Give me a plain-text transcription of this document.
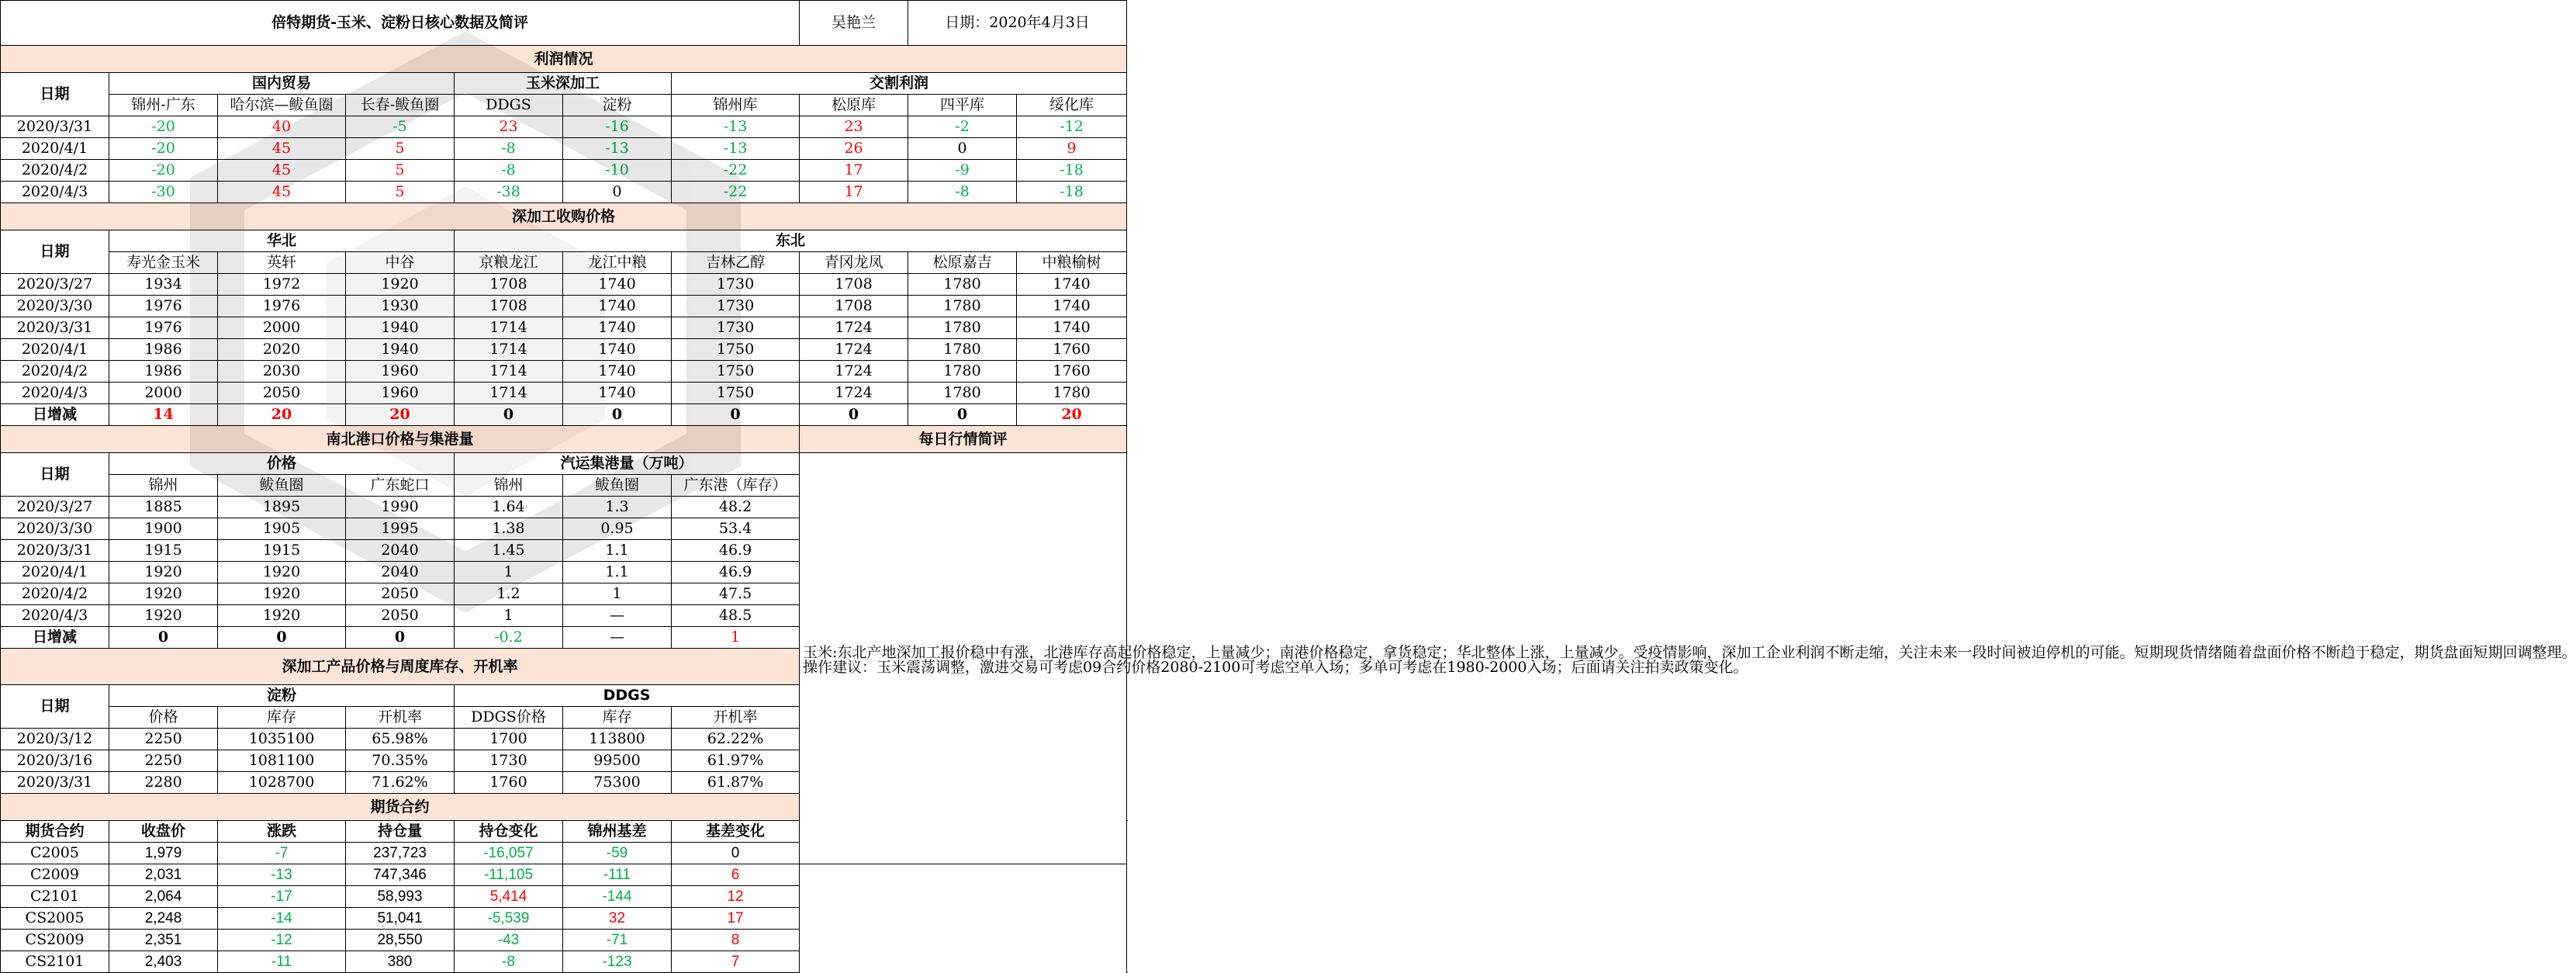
倍特期货-玉米、淀粉日核心数据及简评							吴艳兰	日期：2020年4月3日		
利润情况										
日期	国内贸易			玉米深加工		交割利润				
	锦州-广东	哈尔滨—鲅鱼圈	长春-鲅鱼圈	DDGS	淀粉	锦州库	松原库	四平库	绥化库	
2020/3/31	-20	40	-5	23	-16	-13	23	-2	-12	
2020/4/1	-20	45	5	-8	-13	-13	26	0	9	
2020/4/2	-20	45	5	-8	-10	-22	17	-9	-18	
2020/4/3	-30	45	5	-38	0	-22	17	-8	-18	
深加工收购价格										
日期	华北			东北						
	寿光金玉米	英轩	中谷	京粮龙江	龙江中粮	吉林乙醇	青冈龙凤	松原嘉吉	中粮榆树	
2020/3/27	1934	1972	1920	1708	1740	1730	1708	1780	1740	
2020/3/30	1976	1976	1930	1708	1740	1730	1708	1780	1740	
2020/3/31	1976	2000	1940	1714	1740	1730	1724	1780	1740	
2020/4/1	1986	2020	1940	1714	1740	1750	1724	1780	1760	
2020/4/2	1986	2030	1960	1714	1740	1750	1724	1780	1760	
2020/4/3	2000	2050	1960	1714	1740	1750	1724	1780	1780	
日增减	14	20	20	0	0	0	0	0	20	
南北港口价格与集港量							每日行情简评			
日期	价格			汽运集港量（万吨）			玉米:东北产地深加工报价稳中有涨，北港库存高起价格稳定，上量减少；南港价格稳定，拿货稳定；华北整体上涨，上量减少。受疫情影响，深加工企业利润不断走缩，关注未来一段时间被迫停机的可能。短期现货情绪随着盘面价格不断趋于稳定，期货盘面短期回调整理。
操作建议：玉米震荡调整，激进交易可考虑09合约价格2080-2100可考虑空单入场；多单可考虑在1980-2000入场；后面请关注拍卖政策变化。			

	锦州	鲅鱼圈	广东蛇口	锦州	鲅鱼圈	广东港（库存）				
2020/3/27	1885	1895	1990	1.64	1.3	48.2				
2020/3/30	1900	1905	1995	1.38	0.95	53.4				
2020/3/31	1915	1915	2040	1.45	1.1	46.9				
2020/4/1	1920	1920	2040	1	1.1	46.9				
2020/4/2	1920	1920	2050	1.2	1	47.5				
2020/4/3	1920	1920	2050	1	—	48.5				
日增减	0	0	0	-0.2	—	1				
深加工产品价格与周度库存、开机率										
日期	淀粉			DDGS						
	价格	库存	开机率	DDGS价格	库存	开机率				
2020/3/12	2250	1035100	65.98%	1700	113800	62.22%				
2020/3/16	2250	1081100	70.35%	1730	99500	61.97%				
2020/3/31	2280	1028700	71.62%	1760	75300	61.87%				
期货合约										
期货合约	收盘价	涨跌	持仓量	持仓变化	锦州基差	基差变化	
C2005	1,979	-7	237,723	-16,057	-59	0				
C2009	2,031	-13	747,346	-11,105	-111	6				
C2101	2,064	-17	58,993	5,414	-144	12				
CS2005	2,248	-14	51,041	-5,539	32	17				
CS2009	2,351	-12	28,550	-43	-71	8				
CS2101	2,403	-11	380	-8	-123	7				
